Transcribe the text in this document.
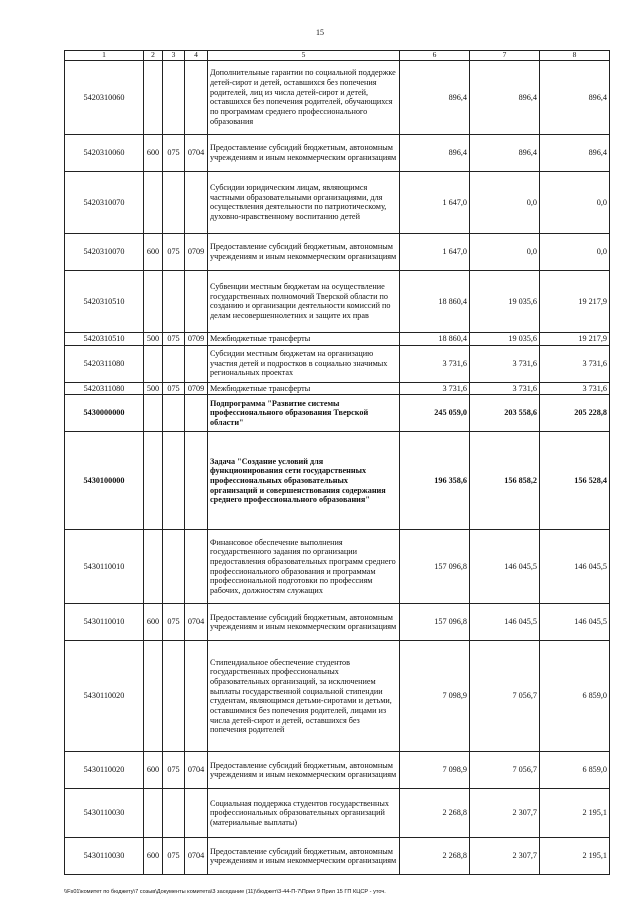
15
1	2	3	4	5	6	7	8
5420310060				Дополнительные гарантии по социальной поддержке детей-сирот и детей, оставшихся без попечения родителей, лиц из числа детей-сирот и детей, оставшихся без попечения родителей, обучающихся по программам среднего профессионального образования	896,4	896,4	896,4
5420310060	600	075	0704	Предоставление субсидий бюджетным, автономным учреждениям и иным некоммерческим организациям	896,4	896,4	896,4
5420310070				Субсидии юридическим лицам, являющимся частными образовательными организациями, для осуществления деятельности по патриотическому, духовно-нравственному воспитанию детей	1 647,0	0,0	0,0
5420310070	600	075	0709	Предоставление субсидий бюджетным, автономным учреждениям и иным некоммерческим организациям	1 647,0	0,0	0,0
5420310510				Субвенции местным бюджетам на осуществление государственных полномочий Тверской области по созданию и организации деятельности комиссий по делам несовершеннолетних и защите их прав	18 860,4	19 035,6	19 217,9
5420310510	500	075	0709	Межбюджетные трансферты	18 860,4	19 035,6	19 217,9
5420311080				Субсидии местным бюджетам на организацию участия детей и подростков в социально значимых региональных проектах	3 731,6	3 731,6	3 731,6
5420311080	500	075	0709	Межбюджетные трансферты	3 731,6	3 731,6	3 731,6
5430000000				Подпрограмма "Развитие системы профессионального образования Тверской области"	245 059,0	203 558,6	205 228,8
5430100000				Задача "Создание условий для функционирования сети государственных профессиональных образовательных организаций и совершенствования содержания среднего профессионального образования"	196 358,6	156 858,2	156 528,4
5430110010				Финансовое обеспечение выполнения государственного задания по организации предоставления образовательных программ среднего профессионального образования и программам профессиональной подготовки по профессиям рабочих, должностям служащих	157 096,8	146 045,5	146 045,5
5430110010	600	075	0704	Предоставление субсидий бюджетным, автономным учреждениям и иным некоммерческим организациям	157 096,8	146 045,5	146 045,5
5430110020				Стипендиальное обеспечение студентов государственных профессиональных образовательных организаций, за исключением выплаты государственной социальной стипендии студентам, являющимся детьми-сиротами и детьми, оставшимися без попечения родителей, лицами из числа детей-сирот и детей, оставшихся без попечения родителей	7 098,9	7 056,7	6 859,0
5430110020	600	075	0704	Предоставление субсидий бюджетным, автономным учреждениям и иным некоммерческим организациям	7 098,9	7 056,7	6 859,0
5430110030				Социальная поддержка студентов государственных профессиональных образовательных организаций (материальные выплаты)	2 268,8	2 307,7	2 195,1
5430110030	600	075	0704	Предоставление субсидий бюджетным, автономным учреждениям и иным некоммерческим организациям	2 268,8	2 307,7	2 195,1
\\Fs01\комитет по бюджету\7 созыв\Документы комитета\3 заседание (11)\бюджет\3-44-П-7\Прил 9 Прил 15 ГП КЦСР - уточ.
